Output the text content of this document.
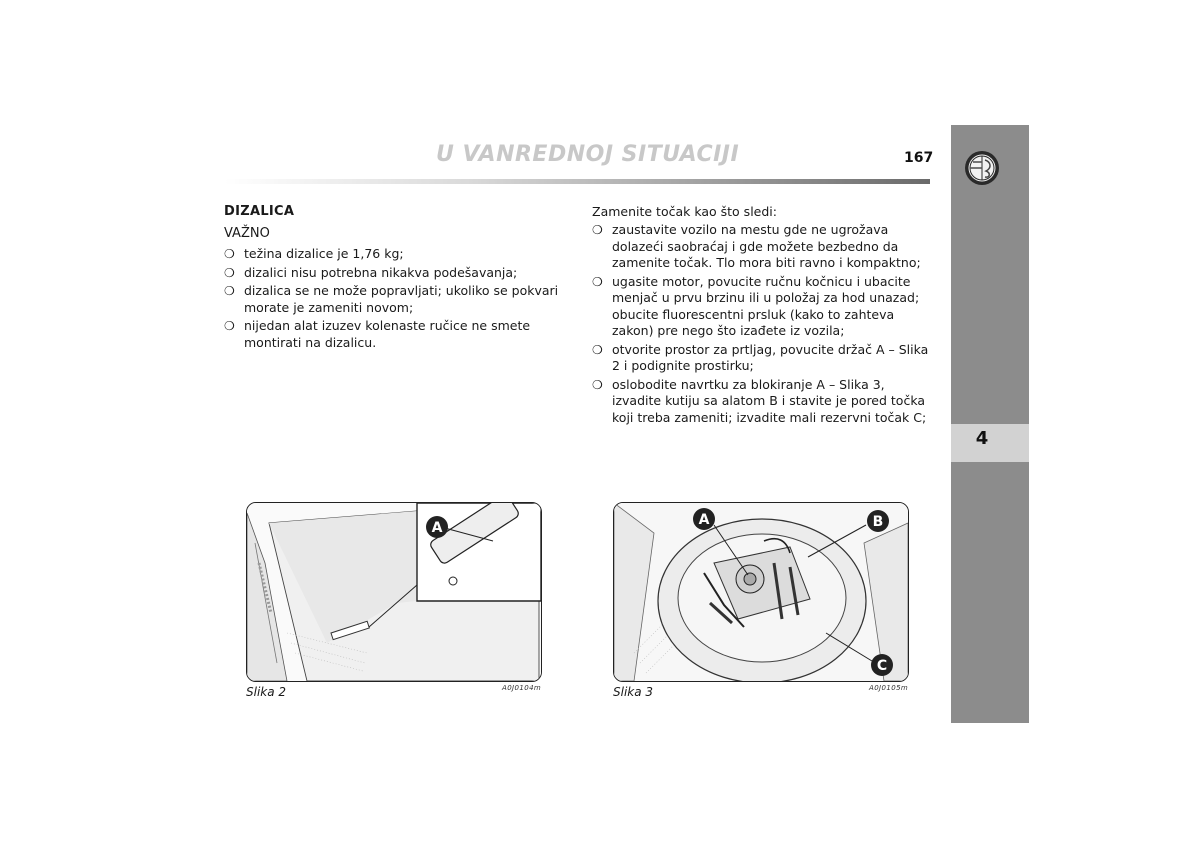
U VANREDNOJ SITUACIJI	167
4
DIZALICA
VAŽNO
❍ težina dizalice je 1,76 kg;
❍ dizalici nisu potrebna nikakva podešavanja;
❍ dizalica se ne može popravljati; ukoliko se pokvari morate je zameniti novom;
❍ nijedan alat izuzev kolenaste ručice ne smete montirati na dizalicu.
Zamenite točak kao što sledi:
❍ zaustavite vozilo na mestu gde ne ugrožava dolazeći saobraćaj i gde možete bezbedno da zamenite točak. Tlo mora biti ravno i kompaktno;
❍ ugasite motor, povucite ručnu kočnicu i ubacite menjač u prvu brzinu ili u položaj za hod unazad; obucite fluorescentni prsluk (kako to zahteva zakon) pre nego što izađete iz vozila;
❍ otvorite prostor za prtljag, povucite držač A – Slika 2 i podignite prostirku;
❍ oslobodite navrtku za blokiranje A – Slika 3, izvadite kutiju sa alatom B i stavite je pored točka koji treba zameniti; izvadite mali rezervni točak C;
A
Slika 2	A0J0104m
A	B
C
Slika 3	A0J0105m
